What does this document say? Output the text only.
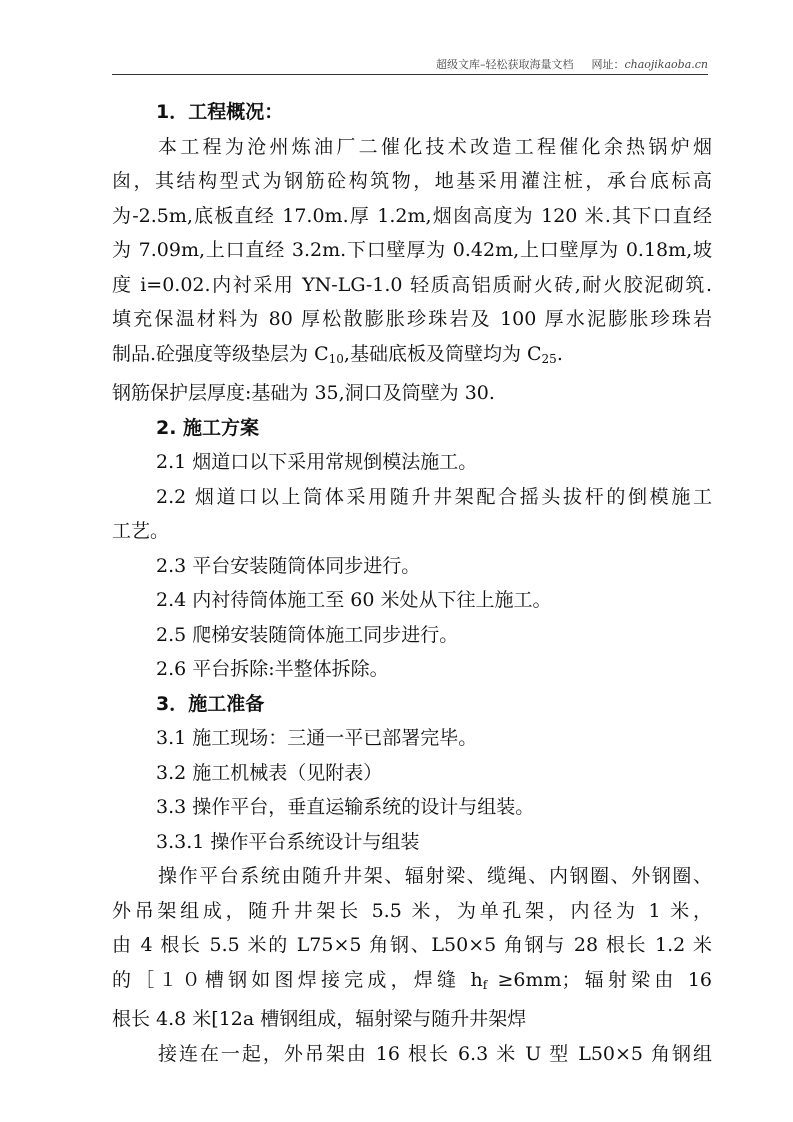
超级文库–轻松获取海量文档 网址：chaojikaoba.cn
1．工程概况：
本工程为沧州炼油厂二催化技术改造工程催化余热锅炉烟
囱，其结构型式为钢筋砼构筑物，地基采用灌注桩，承台底标高
为-2.5m,底板直经 17.0m.厚 1.2m,烟囱高度为 120 米.其下口直经
为 7.09m,上口直经 3.2m.下口壁厚为 0.42m,上口壁厚为 0.18m,坡
度 i=0.02.内衬采用 YN-LG-1.0 轻质高铝质耐火砖,耐火胶泥砌筑.
填充保温材料为 80 厚松散膨胀珍珠岩及 100 厚水泥膨胀珍珠岩
制品.砼强度等级垫层为 $C_{10}$,基础底板及筒壁均为 $C_{25}$.
钢筋保护层厚度:基础为 35,洞口及筒壁为 30.
2. 施工方案
2.1 烟道口以下采用常规倒模法施工。
2.2 烟道口以上筒体采用随升井架配合摇头拔杆的倒模施工
工艺。
2.3 平台安装随筒体同步进行。
2.4 内衬待筒体施工至 60 米处从下往上施工。
2.5 爬梯安装随筒体施工同步进行。
2.6 平台拆除:半整体拆除。
3．施工准备
3.1 施工现场：三通一平已部署完毕。
3.2 施工机械表（见附表）
3.3 操作平台，垂直运输系统的设计与组装。
3.3.1 操作平台系统设计与组装
操作平台系统由随升井架、辐射梁、缆绳、内钢圈、外钢圈、
外吊架组成，随升井架长 5.5 米，为单孔架，内径为 1 米，
由 4 根长 5.5 米的 L75×5 角钢、L50×5 角钢与 28 根长 1.2 米
的［１０槽钢如图焊接完成，焊缝 $h_f \ge 6mm$；辐射梁由 16
根长 4.8 米[12a 槽钢组成，辐射梁与随升井架焊
接连在一起，外吊架由 16 根长 6.3 米 U 型 L50×5 角钢组
